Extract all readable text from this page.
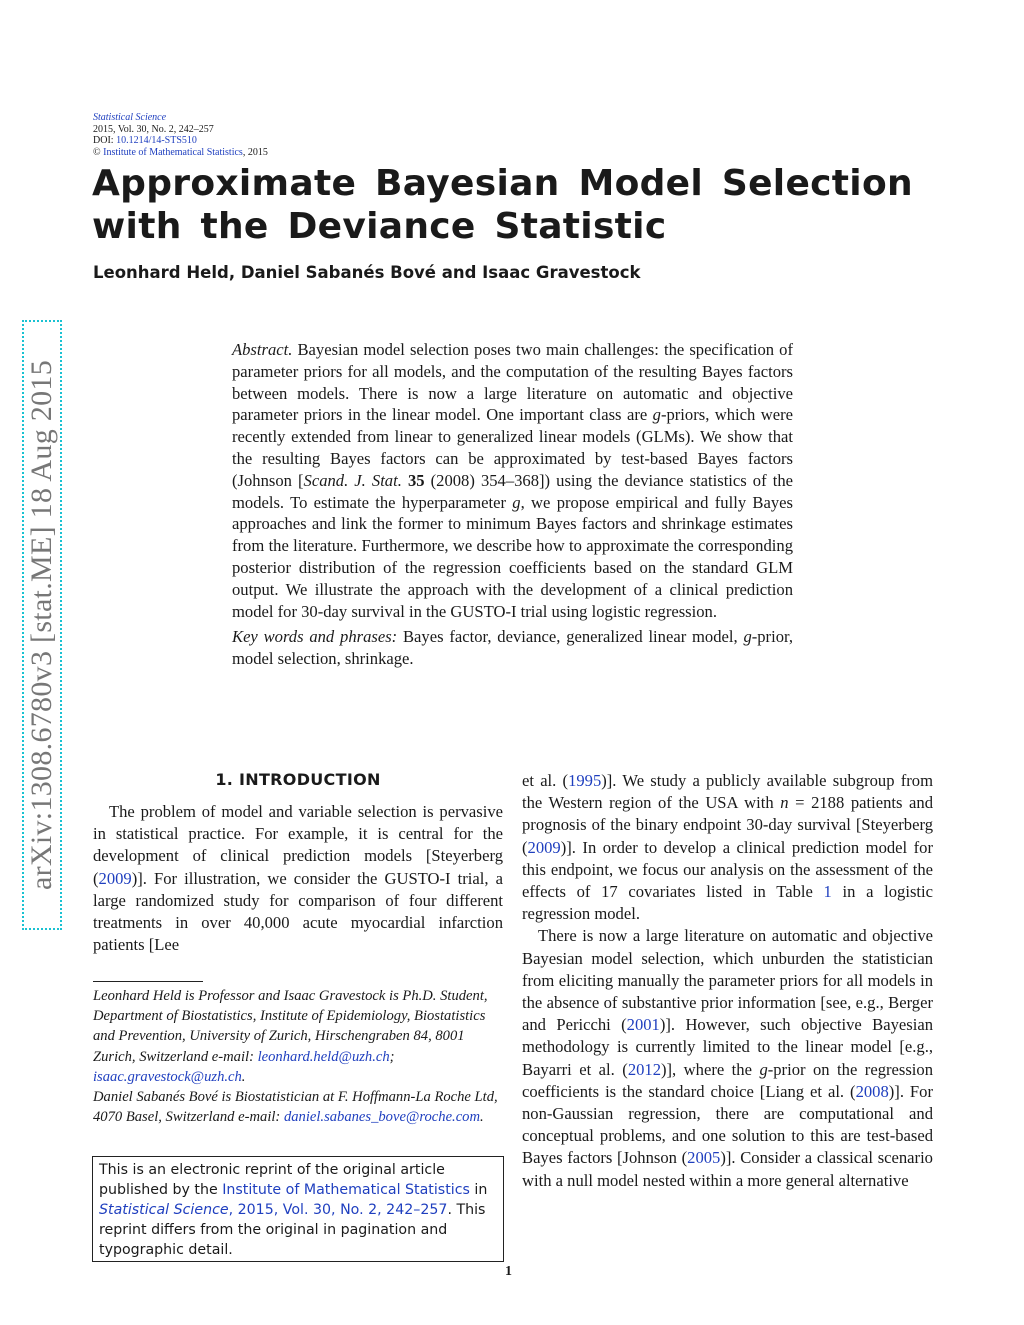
Statistical Science
2015, Vol. 30, No. 2, 242–257
DOI: 10.1214/14-STS510
© Institute of Mathematical Statistics, 2015
Approximate Bayesian Model Selection
with the Deviance Statistic
Leonhard Held, Daniel Sabanés Bové and Isaac Gravestock
arXiv:1308.6780v3 [stat.ME] 18 Aug 2015

Abstract. Bayesian model selection poses two main challenges: the specification of parameter priors for all models, and the computation of the resulting Bayes factors between models. There is now a large literature on automatic and objective parameter priors in the linear model. One important class are g-priors, which were recently extended from linear to generalized linear models (GLMs). We show that the resulting Bayes factors can be approximated by test-based Bayes factors (Johnson [Scand. J. Stat. 35 (2008) 354–368]) using the deviance statistics of the models. To estimate the hyperparameter g, we propose empirical and fully Bayes approaches and link the former to minimum Bayes factors and shrinkage estimates from the literature. Furthermore, we describe how to approximate the corresponding posterior distribution of the regression coefficients based on the standard GLM output. We illustrate the approach with the development of a clinical prediction model for 30-day survival in the GUSTO-I trial using logistic regression.

Key words and phrases: Bayes factor, deviance, generalized linear model, g-prior, model selection, shrinkage.

1. INTRODUCTION

The problem of model and variable selection is pervasive in statistical practice. For example, it is central for the development of clinical prediction models [Steyerberg (2009)]. For illustration, we consider the GUSTO-I trial, a large randomized study for comparison of four different treatments in over 40,000 acute myocardial infarction patients [Lee

Leonhard Held is Professor and Isaac Gravestock is Ph.D. Student, Department of Biostatistics, Institute of Epidemiology, Biostatistics and Prevention, University of Zurich, Hirschengraben 84, 8001 Zurich, Switzerland e-mail: leonhard.held@uzh.ch; isaac.gravestock@uzh.ch.

Daniel Sabanés Bové is Biostatistician at F. Hoffmann-La Roche Ltd, 4070 Basel, Switzerland e-mail: daniel.sabanes_bove@roche.com.

This is an electronic reprint of the original article published by the Institute of Mathematical Statistics in Statistical Science, 2015, Vol. 30, No. 2, 242–257. This reprint differs from the original in pagination and typographic detail.

et al. (1995)]. We study a publicly available subgroup from the Western region of the USA with n = 2188 patients and prognosis of the binary endpoint 30-day survival [Steyerberg (2009)]. In order to develop a clinical prediction model for this endpoint, we focus our analysis on the assessment of the effects of 17 covariates listed in Table 1 in a logistic regression model.

There is now a large literature on automatic and objective Bayesian model selection, which unburden the statistician from eliciting manually the parameter priors for all models in the absence of substantive prior information [see, e.g., Berger and Pericchi (2001)]. However, such objective Bayesian methodology is currently limited to the linear model [e.g., Bayarri et al. (2012)], where the g-prior on the regression coefficients is the standard choice [Liang et al. (2008)]. For non-Gaussian regression, there are computational and conceptual problems, and one solution to this are test-based Bayes factors [Johnson (2005)]. Consider a classical scenario with a null model nested within a more general alternative

1
